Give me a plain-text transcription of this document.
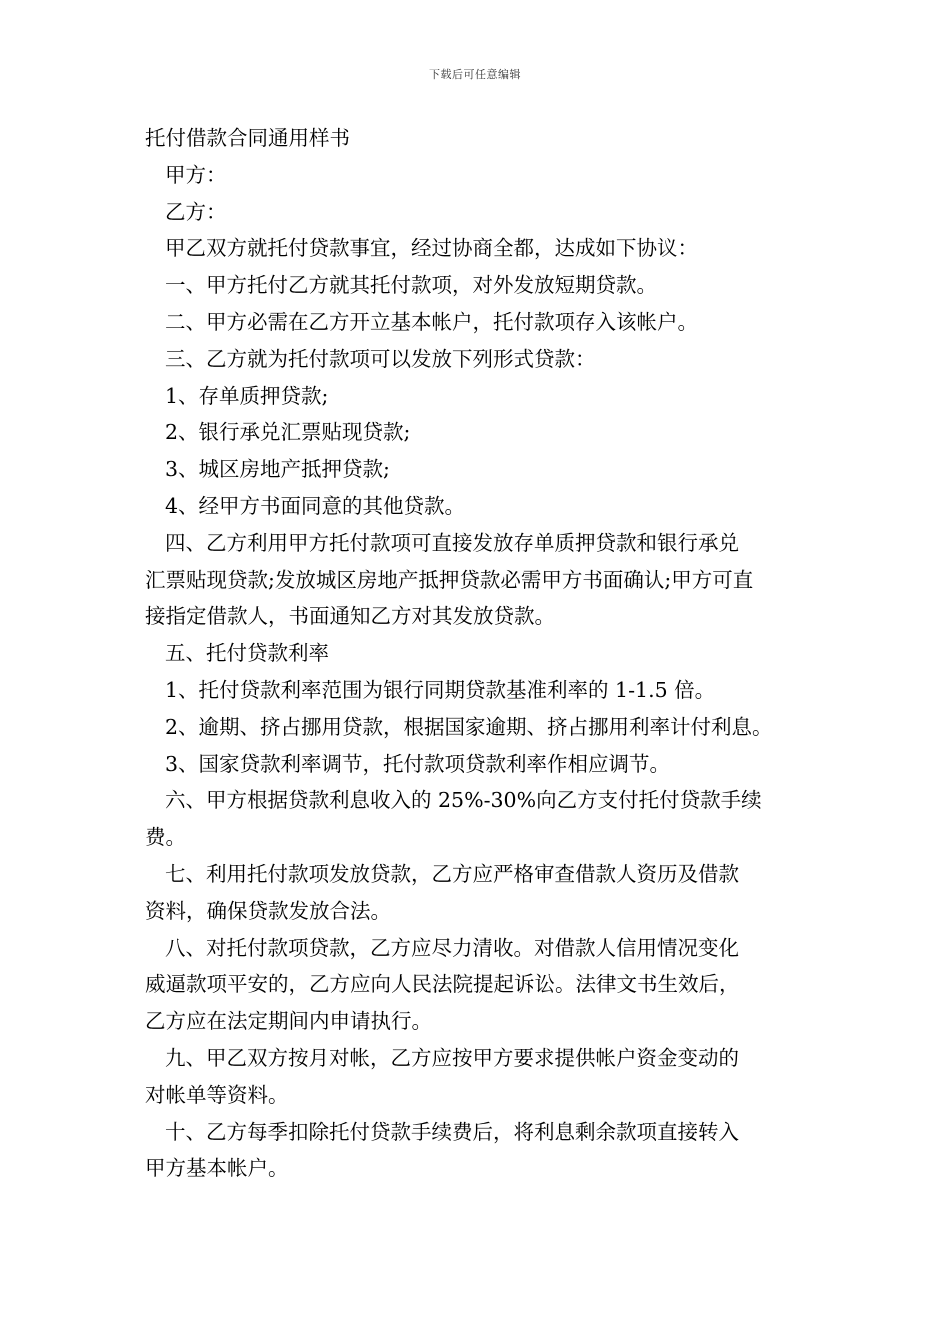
下载后可任意编辑

托付借款合同通用样书

甲方：

乙方：

甲乙双方就托付贷款事宜，经过协商全都，达成如下协议：

一、甲方托付乙方就其托付款项，对外发放短期贷款。

二、甲方必需在乙方开立基本帐户，托付款项存入该帐户。

三、乙方就为托付款项可以发放下列形式贷款：

1、存单质押贷款;

2、银行承兑汇票贴现贷款;

3、城区房地产抵押贷款;

4、经甲方书面同意的其他贷款。

四、乙方利用甲方托付款项可直接发放存单质押贷款和银行承兑

汇票贴现贷款;发放城区房地产抵押贷款必需甲方书面确认;甲方可直

接指定借款人，书面通知乙方对其发放贷款。

五、托付贷款利率

1、托付贷款利率范围为银行同期贷款基准利率的 1-1.5 倍。

2、逾期、挤占挪用贷款，根据国家逾期、挤占挪用利率计付利息。

3、国家贷款利率调节，托付款项贷款利率作相应调节。

六、甲方根据贷款利息收入的 25%-30%向乙方支付托付贷款手续

费。

七、利用托付款项发放贷款，乙方应严格审查借款人资历及借款

资料，确保贷款发放合法。

八、对托付款项贷款，乙方应尽力清收。对借款人信用情况变化

威逼款项平安的，乙方应向人民法院提起诉讼。法律文书生效后，

乙方应在法定期间内申请执行。

九、甲乙双方按月对帐，乙方应按甲方要求提供帐户资金变动的

对帐单等资料。

十、乙方每季扣除托付贷款手续费后，将利息剩余款项直接转入

甲方基本帐户。
